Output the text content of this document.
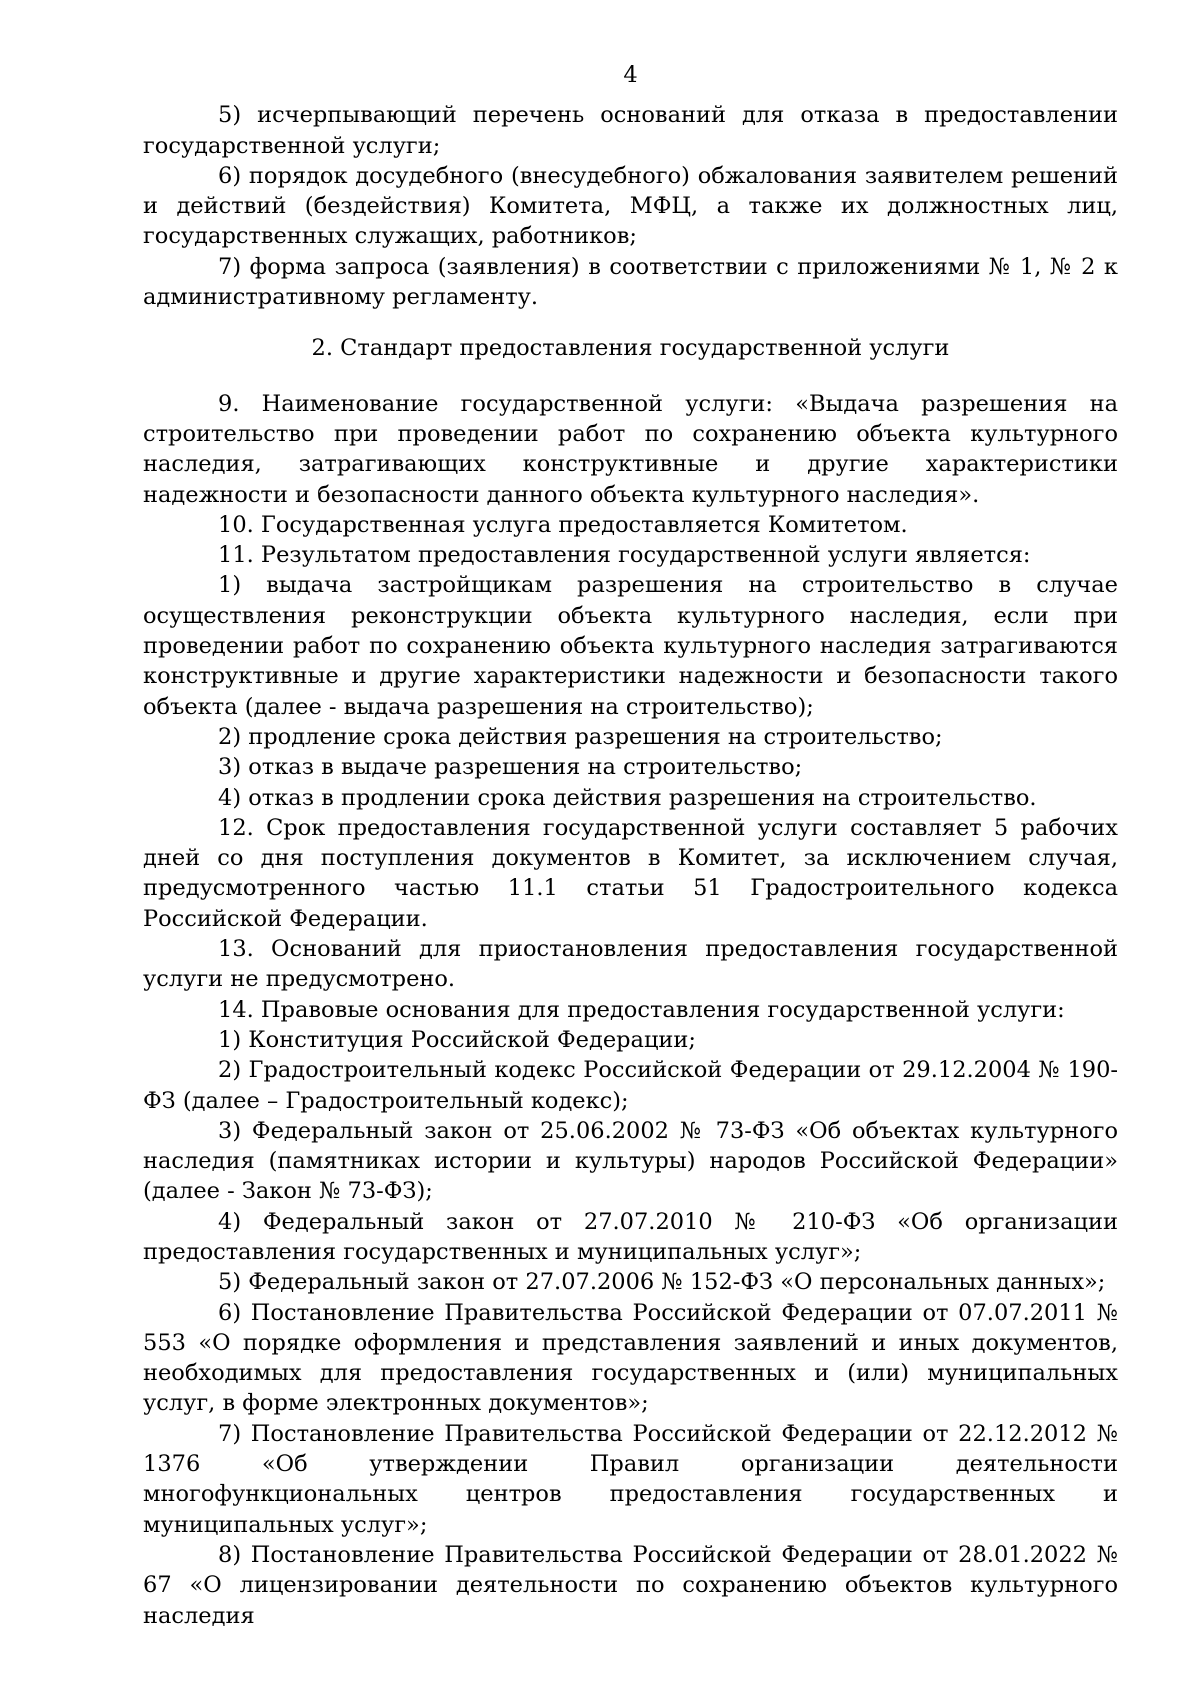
4

5) исчерпывающий перечень оснований для отказа в предоставлении государственной услуги;

6) порядок досудебного (внесудебного) обжалования заявителем решений и действий (бездействия) Комитета, МФЦ, а также их должностных лиц, государственных служащих, работников;

7) форма запроса (заявления) в соответствии с приложениями № 1, № 2 к административному регламенту.

2. Стандарт предоставления государственной услуги

9. Наименование государственной услуги: «Выдача разрешения на строительство при проведении работ по сохранению объекта культурного наследия, затрагивающих конструктивные и другие характеристики надежности и безопасности данного объекта культурного наследия».

10. Государственная услуга предоставляется Комитетом.

11. Результатом предоставления государственной услуги является:

1) выдача застройщикам разрешения на строительство в случае осуществления реконструкции объекта культурного наследия, если при проведении работ по сохранению объекта культурного наследия затрагиваются конструктивные и другие характеристики надежности и безопасности такого объекта (далее - выдача разрешения на строительство);

2) продление срока действия разрешения на строительство;

3) отказ в выдаче разрешения на строительство;

4) отказ в продлении срока действия разрешения на строительство.

12. Срок предоставления государственной услуги составляет 5 рабочих дней со дня поступления документов в Комитет, за исключением случая, предусмотренного частью 11.1 статьи 51 Градостроительного кодекса Российской Федерации.

13. Оснований для приостановления предоставления государственной услуги не предусмотрено.

14. Правовые основания для предоставления государственной услуги:

1) Конституция Российской Федерации;

2) Градостроительный кодекс Российской Федерации от 29.12.2004 № 190-ФЗ (далее – Градостроительный кодекс);

3) Федеральный закон от 25.06.2002 № 73-ФЗ «Об объектах культурного наследия (памятниках истории и культуры) народов Российской Федерации» (далее - Закон № 73-ФЗ);

4) Федеральный закон от 27.07.2010 № 210-ФЗ «Об организации предоставления государственных и муниципальных услуг»;

5) Федеральный закон от 27.07.2006 № 152-ФЗ «О персональных данных»;

6) Постановление Правительства Российской Федерации от 07.07.2011 № 553 «О порядке оформления и представления заявлений и иных документов, необходимых для предоставления государственных и (или) муниципальных услуг, в форме электронных документов»;

7) Постановление Правительства Российской Федерации от 22.12.2012 № 1376 «Об утверждении Правил организации деятельности многофункциональных центров предоставления государственных и муниципальных услуг»;

8) Постановление Правительства Российской Федерации от 28.01.2022 № 67 «О лицензировании деятельности по сохранению объектов культурного наследия
